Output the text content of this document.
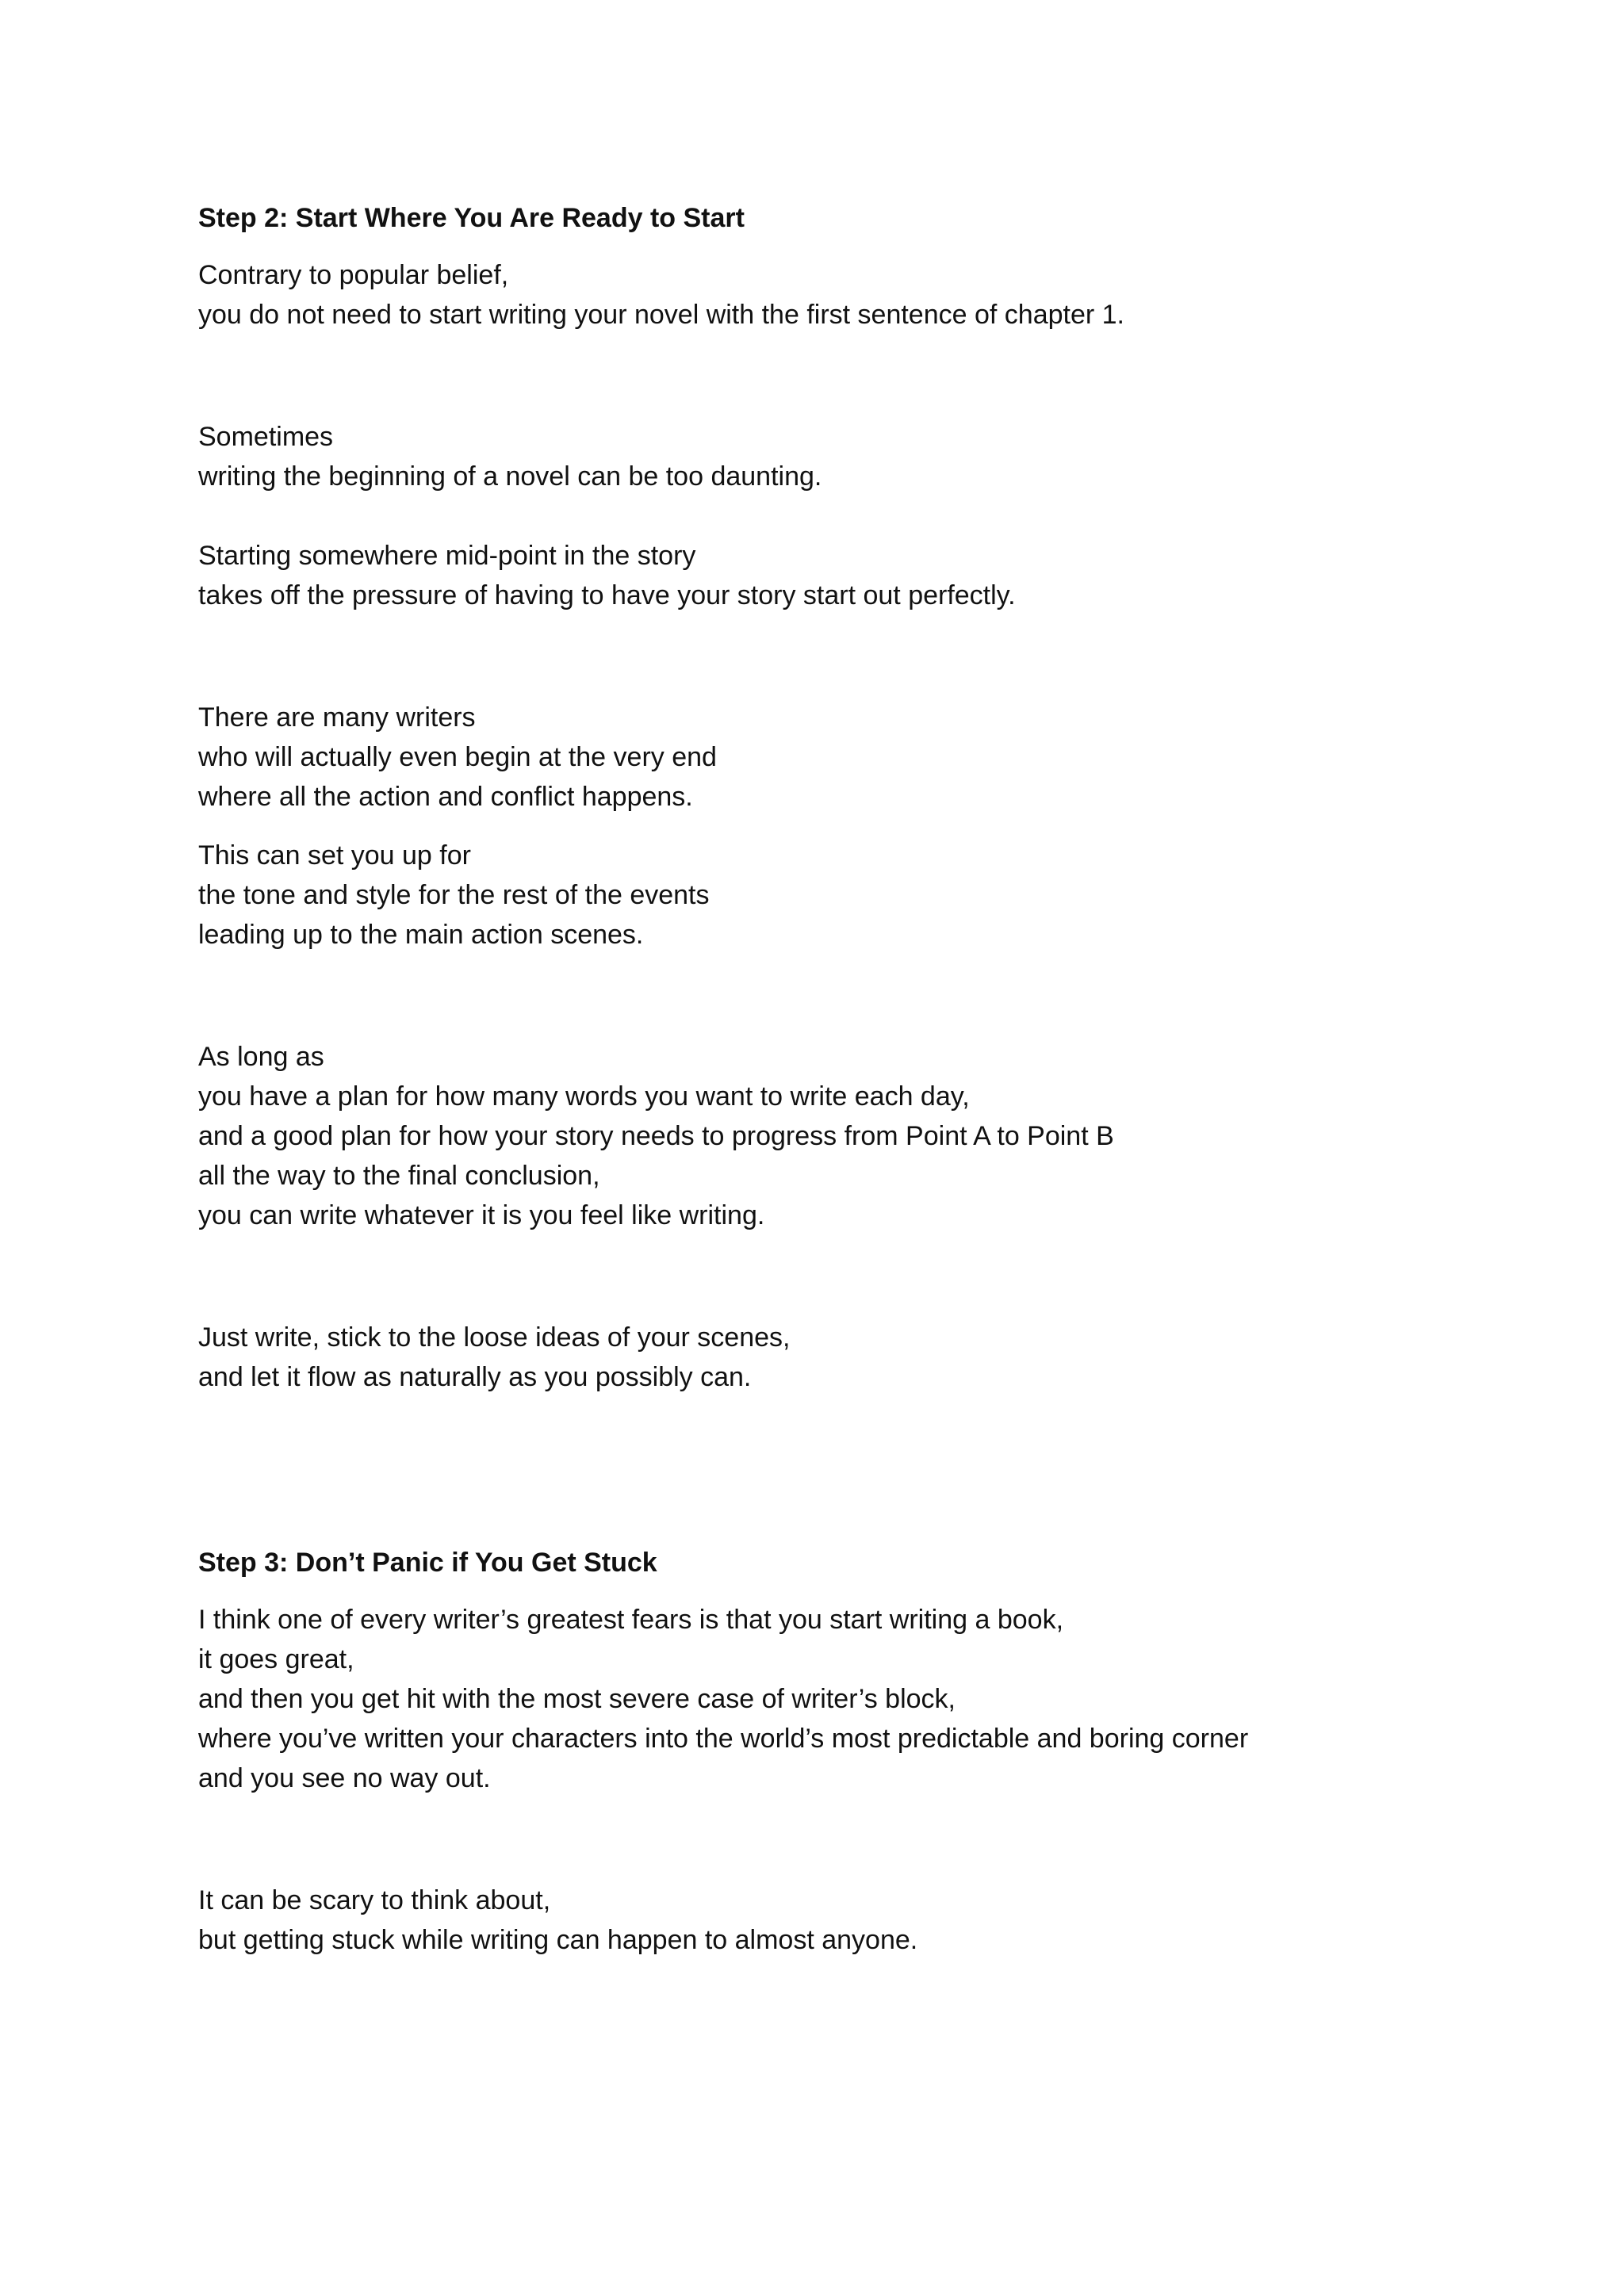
Step 2: Start Where You Are Ready to Start
Contrary to popular belief,
you do not need to start writing your novel with the first sentence of chapter 1.
Sometimes
writing the beginning of a novel can be too daunting.
Starting somewhere mid-point in the story
takes off the pressure of having to have your story start out perfectly.
There are many writers
who will actually even begin at the very end
where all the action and conflict happens.
This can set you up for
the tone and style for the rest of the events
leading up to the main action scenes.
As long as
you have a plan for how many words you want to write each day,
and a good plan for how your story needs to progress from Point A to Point B
all the way to the final conclusion,
you can write whatever it is you feel like writing.
Just write, stick to the loose ideas of your scenes,
and let it flow as naturally as you possibly can.
Step 3: Don’t Panic if You Get Stuck
I think one of every writer’s greatest fears is that you start writing a book,
it goes great,
and then you get hit with the most severe case of writer’s block,
where you’ve written your characters into the world’s most predictable and boring corner
and you see no way out.
It can be scary to think about,
but getting stuck while writing can happen to almost anyone.
